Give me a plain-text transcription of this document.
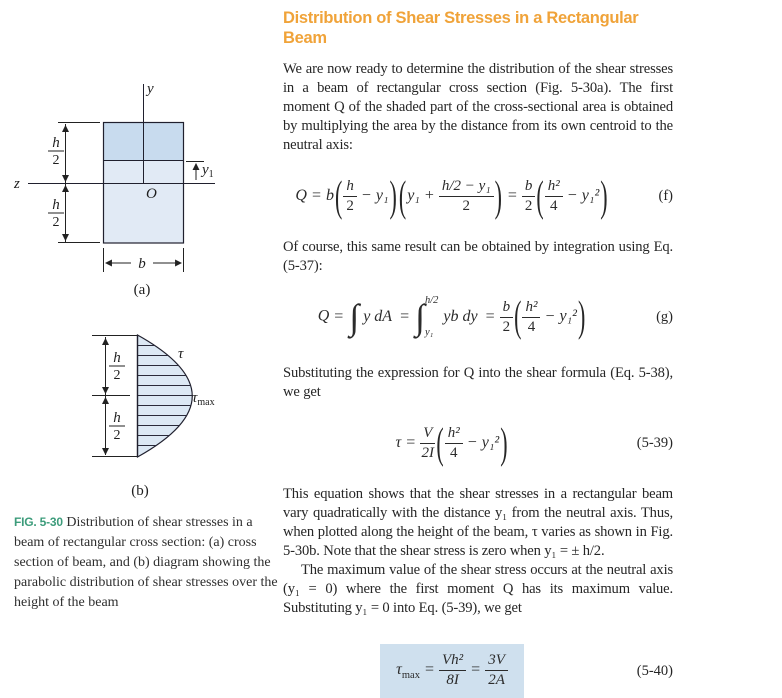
y
z
O
h
2
h
2
$y_1$
b
(a)
h
2
h
2
τ
$\tau_{max}$
(b)
FIG. 5-30 Distribution of shear stresses in a beam of rectangular cross section: (a) cross section of beam, and (b) diagram showing the parabolic distribution of shear stresses over the height of the beam
Distribution of Shear Stresses in a Rectangular Beam

We are now ready to determine the distribution of the shear stresses in a beam of rectangular cross section (Fig. 5-30a). The first moment Q of the shaded part of the cross-sectional area is obtained by multiplying the area by the distance from its own centroid to the neutral axis:

$Q = b( \frac{h}{2} - y_1)(y_1 + \frac{\text{h/2 − y₁}}{2}$ ) = $\frac{b}{2}$ ( $\frac{\text{h²}}{4} - y_1^2$)	(f)

Of course, this same result can be obtained by integration using Eq. (5-37):

Q = ∫ y dA = ∫ h/2
y₁
yb dy = $\frac{b}{2}$ ( $\frac{\text{h²}}{4} - y_1^2$)	(g)

Substituting the expression for Q into the shear formula (Eq. 5-38), we get

$\tau = \frac{V}{2I}$ ( $\frac{\text{h²}}{4} - y_1^2$)	(5-39)

This equation shows that the shear stresses in a rectangular beam vary quadratically with the distance y₁ from the neutral axis. Thus, when plotted along the height of the beam, τ varies as shown in Fig. 5-30b. Note that the shear stress is zero when y₁ = ± h/2.

The maximum value of the shear stress occurs at the neutral axis (y₁ = 0) where the first moment Q has its maximum value. Substituting y₁ = 0 into Eq. (5-39), we get

$\tau_{max} = \frac{\text{Vh²}}{8I} = \frac{3V}{2A}$	(5-40)
